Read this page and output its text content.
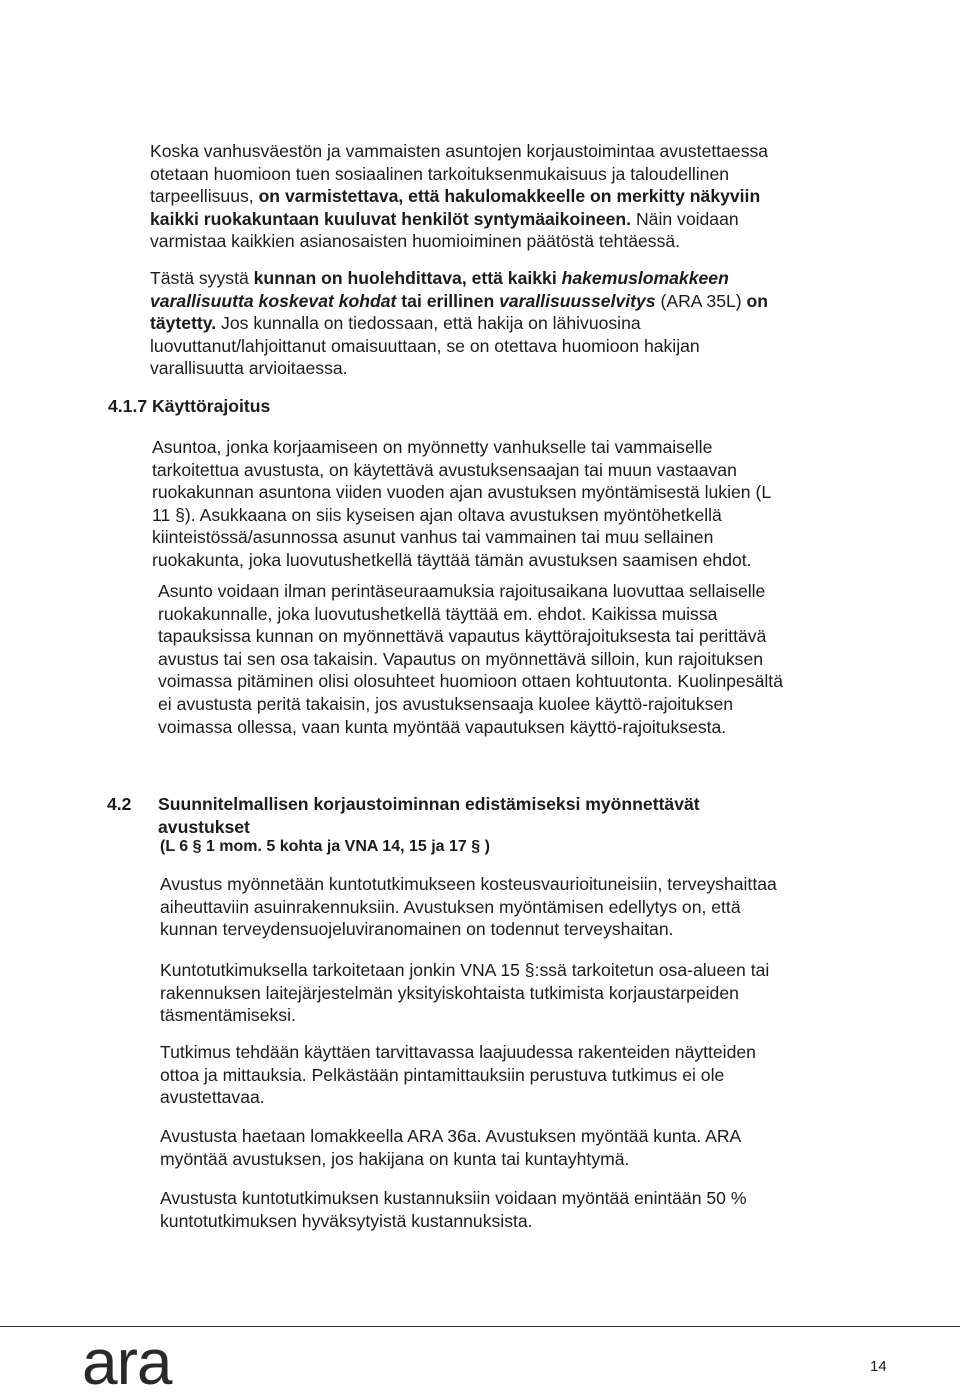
Koska vanhusväestön ja vammaisten asuntojen korjaustoimintaa avustettaessa otetaan huomioon tuen sosiaalinen tarkoituksenmukaisuus ja taloudellinen tarpeellisuus, on varmistettava, että hakulomakkeelle on merkitty näkyviin kaikki ruokakuntaan kuuluvat henkilöt syntymäaikoineen. Näin voidaan varmistaa kaikkien asianosaisten huomioiminen päätöstä tehtäessä.

Tästä syystä kunnan on huolehdittava, että kaikki hakemuslomakkeen varallisuutta koskevat kohdat tai erillinen varallisuusselvitys (ARA 35L) on täytetty. Jos kunnalla on tiedossaan, että hakija on lähivuosina luovuttanut/lahjoittanut omaisuuttaan, se on otettava huomioon hakijan varallisuutta arvioitaessa.

4.1.7 Käyttörajoitus

Asuntoa, jonka korjaamiseen on myönnetty vanhukselle tai vammaiselle tarkoitettua avustusta, on käytettävä avustuksensaajan tai muun vastaavan ruokakunnan asuntona viiden vuoden ajan avustuksen myöntämisestä lukien (L 11 §). Asukkaana on siis kyseisen ajan oltava avustuksen myöntöhetkellä kiinteistössä/asunnossa asunut vanhus tai vammainen tai muu sellainen ruokakunta, joka luovutushetkellä täyttää tämän avustuksen saamisen ehdot.

Asunto voidaan ilman perintäseuraamuksia rajoitusaikana luovuttaa sellaiselle ruokakunnalle, joka luovutushetkellä täyttää em. ehdot. Kaikissa muissa tapauksissa kunnan on myönnettävä vapautus käyttörajoituksesta tai perittävä avustus tai sen osa takaisin. Vapautus on myönnettävä silloin, kun rajoituksen voimassa pitäminen olisi olosuhteet huomioon ottaen kohtuutonta. Kuolinpesältä ei avustusta peritä takaisin, jos avustuksensaaja kuolee käyttö-rajoituksen voimassa ollessa, vaan kunta myöntää vapautuksen käyttö-rajoituksesta.

4.2 Suunnitelmallisen korjaustoiminnan edistämiseksi myönnettävät avustukset
(L 6 § 1 mom. 5 kohta ja VNA 14, 15 ja 17 § )

Avustus myönnetään kuntotutkimukseen kosteusvaurioituneisiin, terveyshaittaa aiheuttaviin asuinrakennuksiin. Avustuksen myöntämisen edellytys on, että kunnan terveydensuojeluviranomainen on todennut terveyshaitan.

Kuntotutkimuksella tarkoitetaan jonkin VNA 15 §:ssä tarkoitetun osa-alueen tai rakennuksen laitejärjestelmän yksityiskohtaista tutkimista korjaustarpeiden täsmentämiseksi.

Tutkimus tehdään käyttäen tarvittavassa laajuudessa rakenteiden näytteiden ottoa ja mittauksia. Pelkästään pintamittauksiin perustuva tutkimus ei ole avustettavaa.

Avustusta haetaan lomakkeella ARA 36a. Avustuksen myöntää kunta. ARA myöntää avustuksen, jos hakijana on kunta tai kuntayhtymä.

Avustusta kuntotutkimuksen kustannuksiin voidaan myöntää enintään 50 % kuntotutkimuksen hyväksytyistä kustannuksista.

ara	14
